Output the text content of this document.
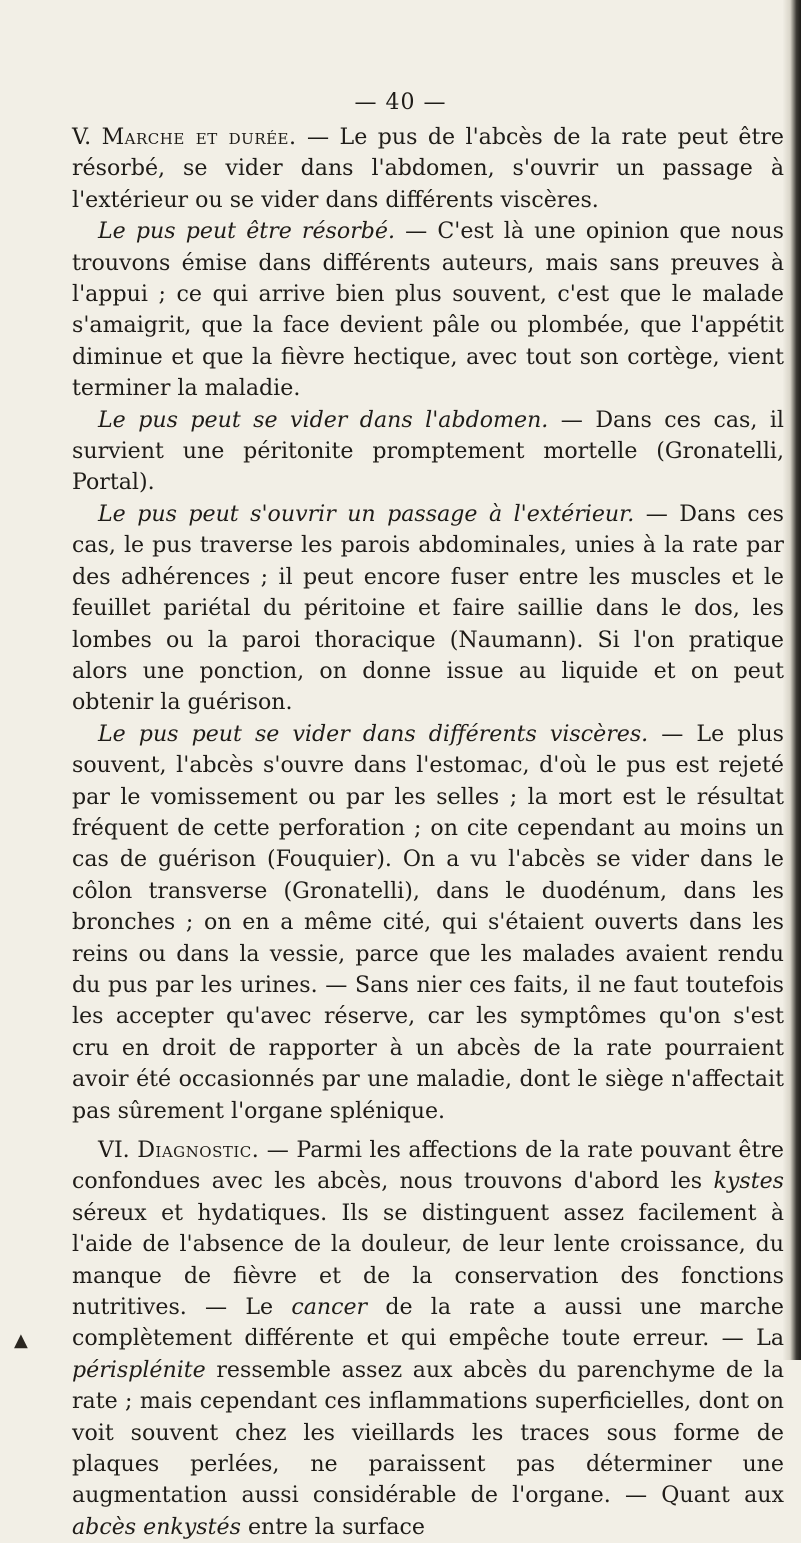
— 40 —

V. Marche et durée. — Le pus de l'abcès de la rate peut être résorbé, se vider dans l'abdomen, s'ouvrir un passage à l'extérieur ou se vider dans différents viscères.

Le pus peut être résorbé. — C'est là une opinion que nous trouvons émise dans différents auteurs, mais sans preuves à l'appui ; ce qui arrive bien plus souvent, c'est que le malade s'amaigrit, que la face devient pâle ou plombée, que l'appétit diminue et que la fièvre hectique, avec tout son cortège, vient terminer la maladie.

Le pus peut se vider dans l'abdomen. — Dans ces cas, il survient une péritonite promptement mortelle (Gronatelli, Portal).

Le pus peut s'ouvrir un passage à l'extérieur. — Dans ces cas, le pus traverse les parois abdominales, unies à la rate par des adhérences ; il peut encore fuser entre les muscles et le feuillet pariétal du péritoine et faire saillie dans le dos, les lombes ou la paroi thoracique (Naumann). Si l'on pratique alors une ponction, on donne issue au liquide et on peut obtenir la guérison.

Le pus peut se vider dans différents viscères. — Le plus souvent, l'abcès s'ouvre dans l'estomac, d'où le pus est rejeté par le vomissement ou par les selles ; la mort est le résultat fréquent de cette perforation ; on cite cependant au moins un cas de guérison (Fouquier). On a vu l'abcès se vider dans le côlon transverse (Gronatelli), dans le duodénum, dans les bronches ; on en a même cité, qui s'étaient ouverts dans les reins ou dans la vessie, parce que les malades avaient rendu du pus par les urines. — Sans nier ces faits, il ne faut toutefois les accepter qu'avec réserve, car les symptômes qu'on s'est cru en droit de rapporter à un abcès de la rate pourraient avoir été occasionnés par une maladie, dont le siège n'affectait pas sûrement l'organe splénique.

VI. Diagnostic. — Parmi les affections de la rate pouvant être confondues avec les abcès, nous trouvons d'abord les kystes séreux et hydatiques. Ils se distinguent assez facilement à l'aide de l'absence de la douleur, de leur lente croissance, du manque de fièvre et de la conservation des fonctions nutritives. — Le cancer de la rate a aussi une marche complètement différente et qui empêche toute erreur. — La périsplénite ressemble assez aux abcès du parenchyme de la rate ; mais cependant ces inflammations superficielles, dont on voit souvent chez les vieillards les traces sous forme de plaques perlées, ne paraissent pas déterminer une augmentation aussi considérable de l'organe. — Quant aux abcès enkystés entre la surface

▲
